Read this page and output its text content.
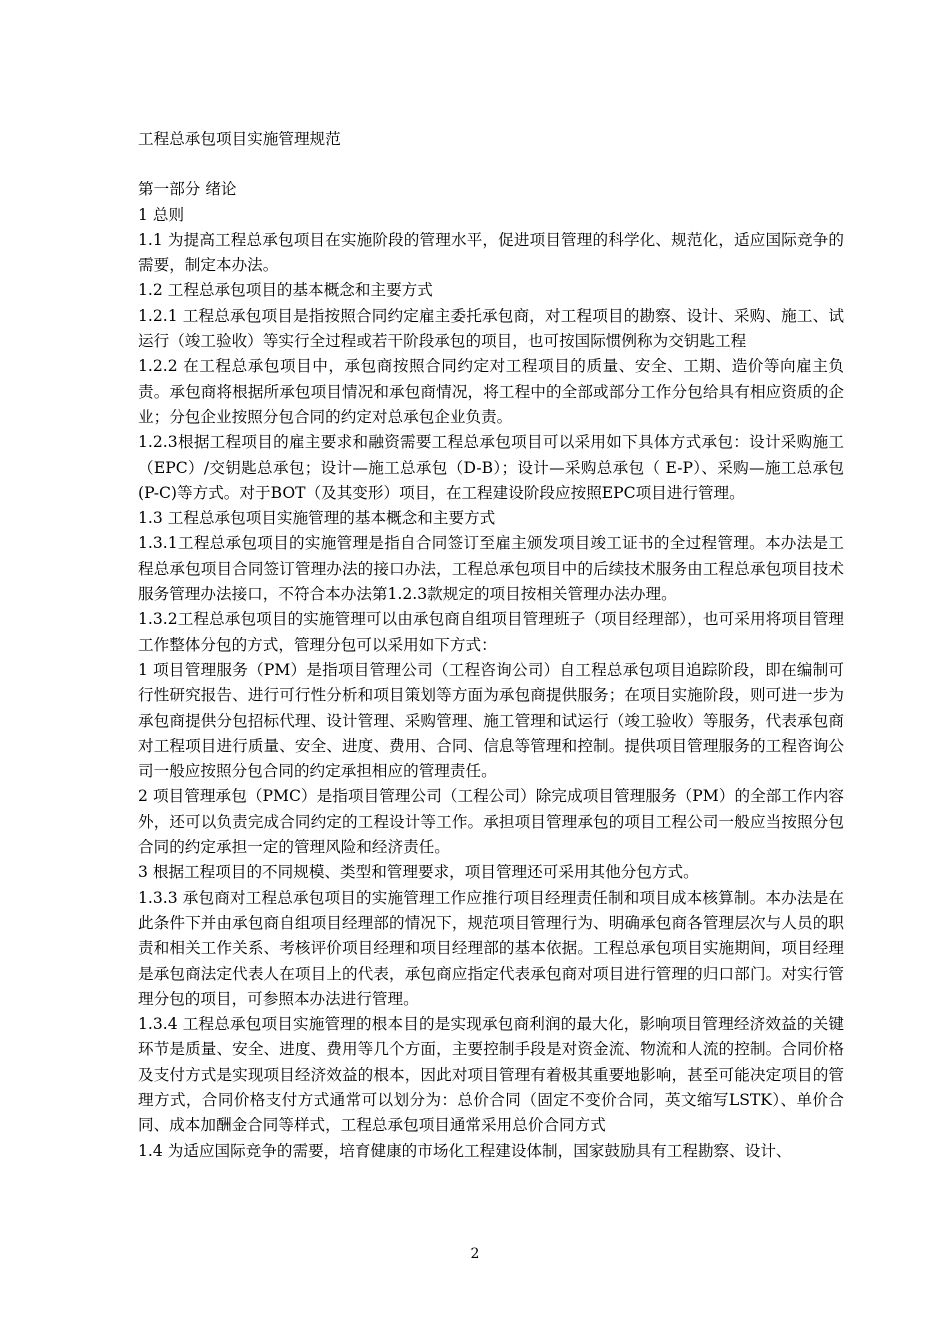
工程总承包项目实施管理规范

第一部分 绪论

1 总则

1.1 为提高工程总承包项目在实施阶段的管理水平，促进项目管理的科学化、规范化，适应国际竞争的需要，制定本办法。

1.2 工程总承包项目的基本概念和主要方式

1.2.1 工程总承包项目是指按照合同约定雇主委托承包商，对工程项目的勘察、设计、采购、施工、试运行（竣工验收）等实行全过程或若干阶段承包的项目，也可按国际惯例称为交钥匙工程

1.2.2 在工程总承包项目中，承包商按照合同约定对工程项目的质量、安全、工期、造价等向雇主负责。承包商将根据所承包项目情况和承包商情况，将工程中的全部或部分工作分包给具有相应资质的企业；分包企业按照分包合同的约定对总承包企业负责。

1.2.3根据工程项目的雇主要求和融资需要工程总承包项目可以采用如下具体方式承包：设计采购施工（EPC）/交钥匙总承包；设计—施工总承包（D-B）；设计—采购总承包（ E-P）、采购—施工总承包(P-C)等方式。对于BOT（及其变形）项目，在工程建设阶段应按照EPC项目进行管理。

1.3 工程总承包项目实施管理的基本概念和主要方式

1.3.1工程总承包项目的实施管理是指自合同签订至雇主颁发项目竣工证书的全过程管理。本办法是工程总承包项目合同签订管理办法的接口办法，工程总承包项目中的后续技术服务由工程总承包项目技术服务管理办法接口，不符合本办法第1.2.3款规定的项目按相关管理办法办理。

1.3.2工程总承包项目的实施管理可以由承包商自组项目管理班子（项目经理部），也可采用将项目管理工作整体分包的方式，管理分包可以采用如下方式：

1 项目管理服务（PM）是指项目管理公司（工程咨询公司）自工程总承包项目追踪阶段，即在编制可行性研究报告、进行可行性分析和项目策划等方面为承包商提供服务；在项目实施阶段，则可进一步为承包商提供分包招标代理、设计管理、采购管理、施工管理和试运行（竣工验收）等服务，代表承包商对工程项目进行质量、安全、进度、费用、合同、信息等管理和控制。提供项目管理服务的工程咨询公司一般应按照分包合同的约定承担相应的管理责任。

2 项目管理承包（PMC）是指项目管理公司（工程公司）除完成项目管理服务（PM）的全部工作内容外，还可以负责完成合同约定的工程设计等工作。承担项目管理承包的项目工程公司一般应当按照分包合同的约定承担一定的管理风险和经济责任。

3 根据工程项目的不同规模、类型和管理要求，项目管理还可采用其他分包方式。

1.3.3 承包商对工程总承包项目的实施管理工作应推行项目经理责任制和项目成本核算制。本办法是在此条件下并由承包商自组项目经理部的情况下，规范项目管理行为、明确承包商各管理层次与人员的职责和相关工作关系、考核评价项目经理和项目经理部的基本依据。工程总承包项目实施期间，项目经理是承包商法定代表人在项目上的代表，承包商应指定代表承包商对项目进行管理的归口部门。对实行管理分包的项目，可参照本办法进行管理。

1.3.4 工程总承包项目实施管理的根本目的是实现承包商利润的最大化，影响项目管理经济效益的关键环节是质量、安全、进度、费用等几个方面，主要控制手段是对资金流、物流和人流的控制。合同价格及支付方式是实现项目经济效益的根本，因此对项目管理有着极其重要地影响，甚至可能决定项目的管理方式，合同价格支付方式通常可以划分为：总价合同（固定不变价合同，英文缩写LSTK）、单价合同、成本加酬金合同等样式，工程总承包项目通常采用总价合同方式

1.4 为适应国际竞争的需要，培育健康的市场化工程建设体制，国家鼓励具有工程勘察、设计、

2
